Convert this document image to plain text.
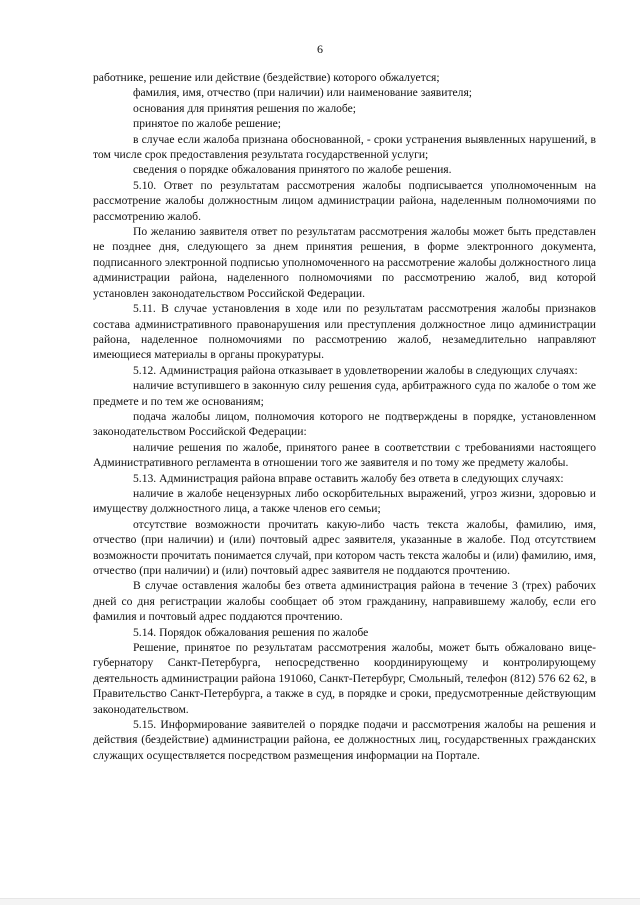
6

работнике, решение или действие (бездействие) которого обжалуется;

фамилия, имя, отчество (при наличии) или наименование заявителя;

основания для принятия решения по жалобе;

принятое по жалобе решение;

в случае если жалоба признана обоснованной, - сроки устранения выявленных нарушений, в том числе срок предоставления результата государственной услуги;

сведения о порядке обжалования принятого по жалобе решения.

5.10. Ответ по результатам рассмотрения жалобы подписывается уполномоченным на рассмотрение жалобы должностным лицом администрации района, наделенным полномочиями по рассмотрению жалоб.

По желанию заявителя ответ по результатам рассмотрения жалобы может быть представлен не позднее дня, следующего за днем принятия решения, в форме электронного документа, подписанного электронной подписью уполномоченного на рассмотрение жалобы должностного лица администрации района, наделенного полномочиями по рассмотрению жалоб, вид которой установлен законодательством Российской Федерации.

5.11. В случае установления в ходе или по результатам рассмотрения жалобы признаков состава административного правонарушения или преступления должностное лицо администрации района, наделенное полномочиями по рассмотрению жалоб, незамедлительно направляют имеющиеся материалы в органы прокуратуры.

5.12. Администрация района отказывает в удовлетворении жалобы в следующих случаях:

наличие вступившего в законную силу решения суда, арбитражного суда по жалобе о том же предмете и по тем же основаниям;

подача жалобы лицом, полномочия которого не подтверждены в порядке, установленном законодательством Российской Федерации:

наличие решения по жалобе, принятого ранее в соответствии с требованиями настоящего Административного регламента в отношении того же заявителя и по тому же предмету жалобы.

5.13. Администрация района вправе оставить жалобу без ответа в следующих случаях:

наличие в жалобе нецензурных либо оскорбительных выражений, угроз жизни, здоровью и имуществу должностного лица, а также членов его семьи;

отсутствие возможности прочитать какую-либо часть текста жалобы, фамилию, имя, отчество (при наличии) и (или) почтовый адрес заявителя, указанные в жалобе. Под отсутствием возможности прочитать понимается случай, при котором часть текста жалобы и (или) фамилию, имя, отчество (при наличии) и (или) почтовый адрес заявителя не поддаются прочтению.

В случае оставления жалобы без ответа администрация района в течение 3 (трех) рабочих дней со дня регистрации жалобы сообщает об этом гражданину, направившему жалобу, если его фамилия и почтовый адрес поддаются прочтению.

5.14. Порядок обжалования решения по жалобе

Решение, принятое по результатам рассмотрения жалобы, может быть обжаловано вице-губернатору Санкт-Петербурга, непосредственно координирующему и контролирующему деятельность администрации района 191060, Санкт-Петербург, Смольный, телефон (812) 576 62 62, в Правительство Санкт-Петербурга, а также в суд, в порядке и сроки, предусмотренные действующим законодательством.

5.15. Информирование заявителей о порядке подачи и рассмотрения жалобы на решения и действия (бездействие) администрации района, ее должностных лиц, государственных гражданских служащих осуществляется посредством размещения информации на Портале.
